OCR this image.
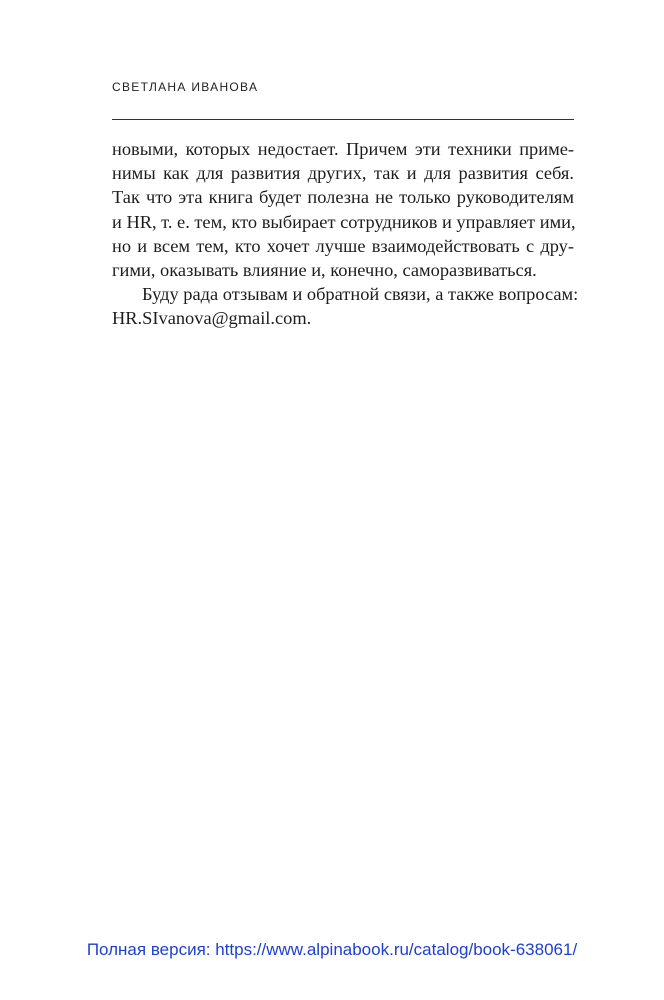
СВЕТЛАНА ИВАНОВА
новыми, которых недостает. Причем эти техники приме-
нимы как для развития других, так и для развития себя.
Так что эта книга будет полезна не только руководителям
и HR, т. е. тем, кто выбирает сотрудников и управляет ими,
но и всем тем, кто хочет лучше взаимодействовать с дру-
гими, оказывать влияние и, конечно, саморазвиваться.
Буду рада отзывам и обратной связи, а также вопросам:
HR.SIvanova@gmail.com.
Полная версия: https://www.alpinabook.ru/catalog/book-638061/
